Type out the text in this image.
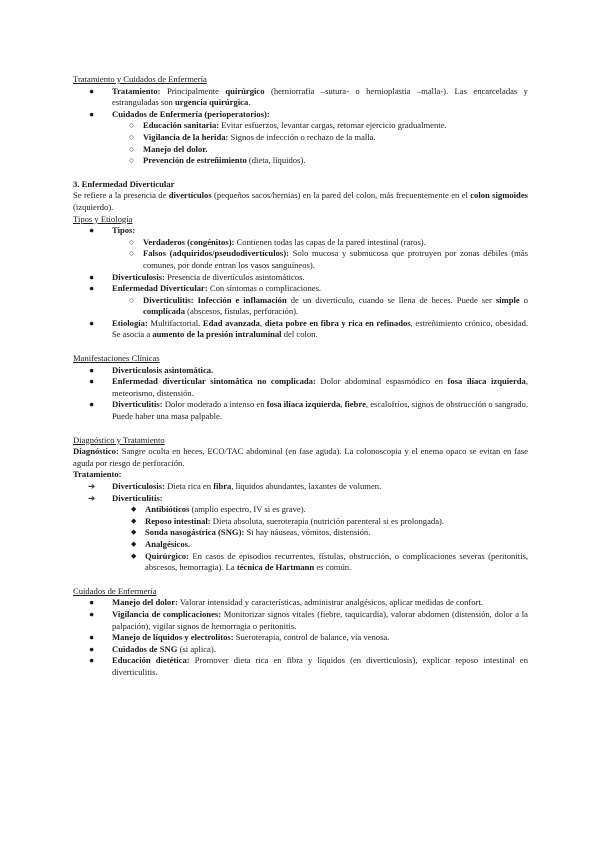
Tratamiento y Cuidados de Enfermería

● Tratamiento: Principalmente quirúrgico (herniorrafia –sutura- o hernioplastia –malla-). Las encarceladas y estranguladas son urgencia quirúrgica.
● Cuidados de Enfermería (perioperatorios):
○ Educación sanitaria: Evitar esfuerzos, levantar cargas, retomar ejercicio gradualmente.
○ Vigilancia de la herida: Signos de infección o rechazo de la malla.
○ Manejo del dolor.
○ Prevención de estreñimiento (dieta, líquidos).

3. Enfermedad Diverticular

Se refiere a la presencia de divertículos (pequeños sacos/hernias) en la pared del colon, más frecuentemente en el colon sigmoides (izquierdo).

Tipos y Etiología

● Tipos:
○ Verdaderos (congénitos): Contienen todas las capas de la pared intestinal (raros).
○ Falsos (adquiridos/pseudodivertículos): Solo mucosa y submucosa que protruyen por zonas débiles (más comunes, por donde entran los vasos sanguíneos).
● Diverticulosis: Presencia de divertículos asintomáticos.
● Enfermedad Diverticular: Con síntomas o complicaciones.
○ Diverticulitis: Infección e inflamación de un divertículo, cuando se llena de heces. Puede ser simple o complicada (abscesos, fístulas, perforación).
● Etiología: Multifactorial. Edad avanzada, dieta pobre en fibra y rica en refinados, estreñimiento crónico, obesidad. Se asocia a aumento de la presión intraluminal del colon.

Manifestaciones Clínicas

● Diverticulosis asintomática.
● Enfermedad diverticular sintomática no complicada: Dolor abdominal espasmódico en fosa ilíaca izquierda, meteorismo, distensión.
● Diverticulitis: Dolor moderado a intenso en fosa ilíaca izquierda, fiebre, escalofríos, signos de obstrucción o sangrado. Puede haber una masa palpable.

Diagnóstico y Tratamiento

Diagnóstico: Sangre oculta en heces, ECO/TAC abdominal (en fase aguda). La colonoscopia y el enema opaco se evitan en fase aguda por riesgo de perforación.

Tratamiento:

➔ Diverticulosis: Dieta rica en fibra, líquidos abundantes, laxantes de volumen.
➔ Diverticulitis:
◆ Antibióticos (amplio espectro, IV si es grave).
◆ Reposo intestinal: Dieta absoluta, sueroterapia (nutrición parenteral si es prolongada).
◆ Sonda nasogástrica (SNG): Si hay náuseas, vómitos, distensión.
◆ Analgésicos.
◆ Quirúrgico: En casos de episodios recurrentes, fístulas, obstrucción, o complicaciones severas (peritonitis, abscesos, hemorragia). La técnica de Hartmann es común.

Cuidados de Enfermería

● Manejo del dolor: Valorar intensidad y características, administrar analgésicos, aplicar medidas de confort.
● Vigilancia de complicaciones: Monitorizar signos vitales (fiebre, taquicardia), valorar abdomen (distensión, dolor a la palpación), vigilar signos de hemorragia o peritonitis.
● Manejo de líquidos y electrolitos: Sueroterapia, control de balance, vía venosa.
● Cuidados de SNG (si aplica).
● Educación dietética: Promover dieta rica en fibra y líquidos (en diverticulosis), explicar reposo intestinal en diverticulitis.
